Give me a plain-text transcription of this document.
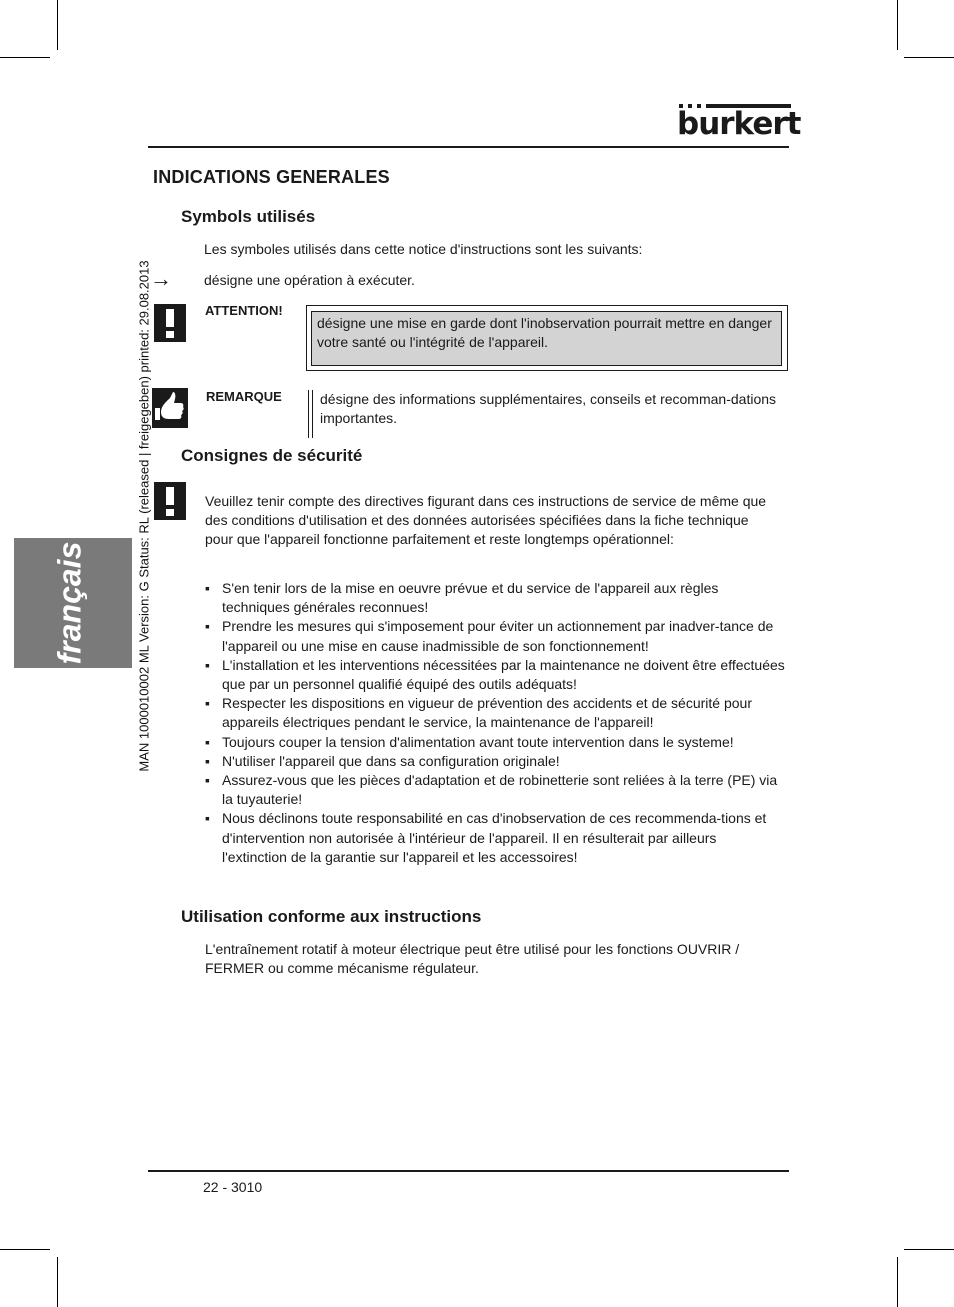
burkert
français	MAN 1000010002 ML Version: G Status: RL (released | freigegeben) printed: 29.08.2013
INDICATIONS GENERALES
Symbols utilisés
Les symboles utilisés dans cette notice d'instructions sont les suivants:
→ désigne une opération à exécuter.
ATTENTION!
désigne une mise en garde dont l'inobservation pourrait mettre en danger votre santé ou l'intégrité de l'appareil.
REMARQUE	désigne des informations supplémentaires, conseils et recomman-dations importantes.
Consignes de sécurité
Veuillez tenir compte des directives figurant dans ces instructions de service de même que des conditions d'utilisation et des données autorisées spécifiées dans la fiche technique pour que l'appareil fonctionne parfaitement et reste longtemps opérationnel:
▪ S'en tenir lors de la mise en oeuvre prévue et du service de l'appareil aux règles techniques générales reconnues!
▪ Prendre les mesures qui s'imposement pour éviter un actionnement par inadver-tance de l'appareil ou une mise en cause inadmissible de son fonctionnement!
▪ L'installation et les interventions nécessitées par la maintenance ne doivent être effectuées que par un personnel qualifié équipé des outils adéquats!
▪ Respecter les dispositions en vigueur de prévention des accidents et de sécurité pour appareils électriques pendant le service, la maintenance de l'appareil!
▪ Toujours couper la tension d'alimentation avant toute intervention dans le systeme!
▪ N'utiliser l'appareil que dans sa configuration originale!
▪ Assurez-vous que les pièces d'adaptation et de robinetterie sont reliées à la terre (PE) via la tuyauterie!
▪ Nous déclinons toute responsabilité en cas d'inobservation de ces recommenda-tions et d'intervention non autorisée à l'intérieur de l'appareil. Il en résulterait par ailleurs l'extinction de la garantie sur l'appareil et les accessoires!
Utilisation conforme aux instructions
L'entraînement rotatif à moteur électrique peut être utilisé pour les fonctions OUVRIR / FERMER ou comme mécanisme régulateur.
22 - 3010
